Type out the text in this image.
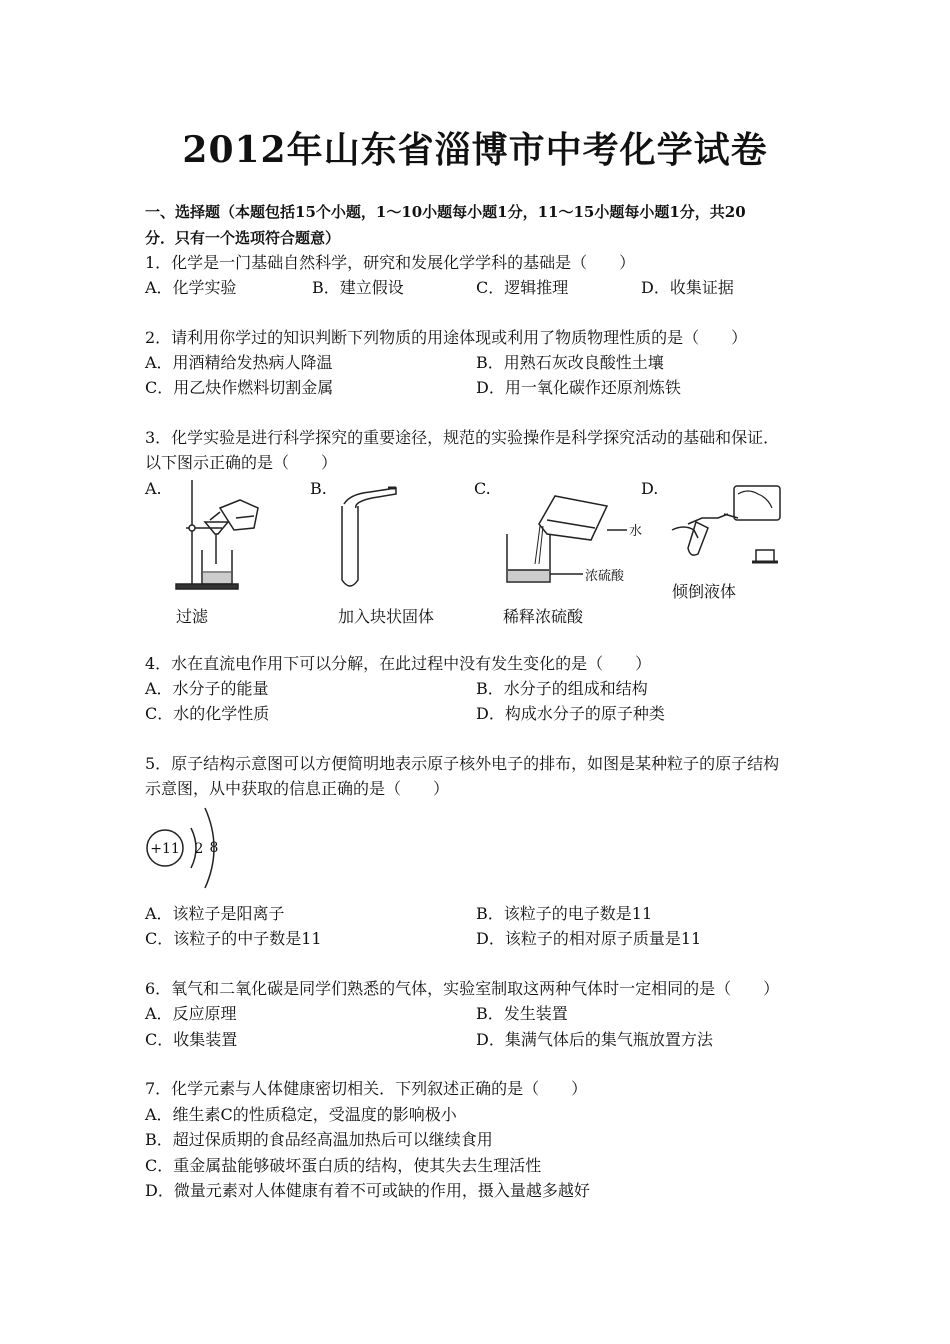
2012年山东省淄博市中考化学试卷
一、选择题（本题包括15个小题，1～10小题每小题1分，11～15小题每小题1分，共20
分．只有一个选项符合题意）
1．化学是一门基础自然科学，研究和发展化学学科的基础是（　　）
A．化学实验	B．建立假设	C．逻辑推理	D．收集证据
2．请利用你学过的知识判断下列物质的用途体现或利用了物质物理性质的是（　　）
A．用酒精给发热病人降温	B．用熟石灰改良酸性土壤
C．用乙炔作燃料切割金属	D．用一氧化碳作还原剂炼铁
3．化学实验是进行科学探究的重要途径，规范的实验操作是科学探究活动的基础和保证．
以下图示正确的是（　　）
A.	B.	C.	D.
过滤	加入块状固体
水
浓硫酸
稀释浓硫酸
倾倒液体
4．水在直流电作用下可以分解，在此过程中没有发生变化的是（　　）
A．水分子的能量	B．水分子的组成和结构
C．水的化学性质	D．构成水分子的原子种类
5．原子结构示意图可以方便简明地表示原子核外电子的排布，如图是某种粒子的原子结构
示意图，从中获取的信息正确的是（　　）
+11 2 8
A．该粒子是阳离子	B．该粒子的电子数是11
C．该粒子的中子数是11	D．该粒子的相对原子质量是11
6．氧气和二氧化碳是同学们熟悉的气体，实验室制取这两种气体时一定相同的是（　　）
A．反应原理	B．发生装置
C．收集装置	D．集满气体后的集气瓶放置方法
7．化学元素与人体健康密切相关．下列叙述正确的是（　　）
A．维生素C的性质稳定，受温度的影响极小
B．超过保质期的食品经高温加热后可以继续食用
C．重金属盐能够破坏蛋白质的结构，使其失去生理活性
D．微量元素对人体健康有着不可或缺的作用，摄入量越多越好
